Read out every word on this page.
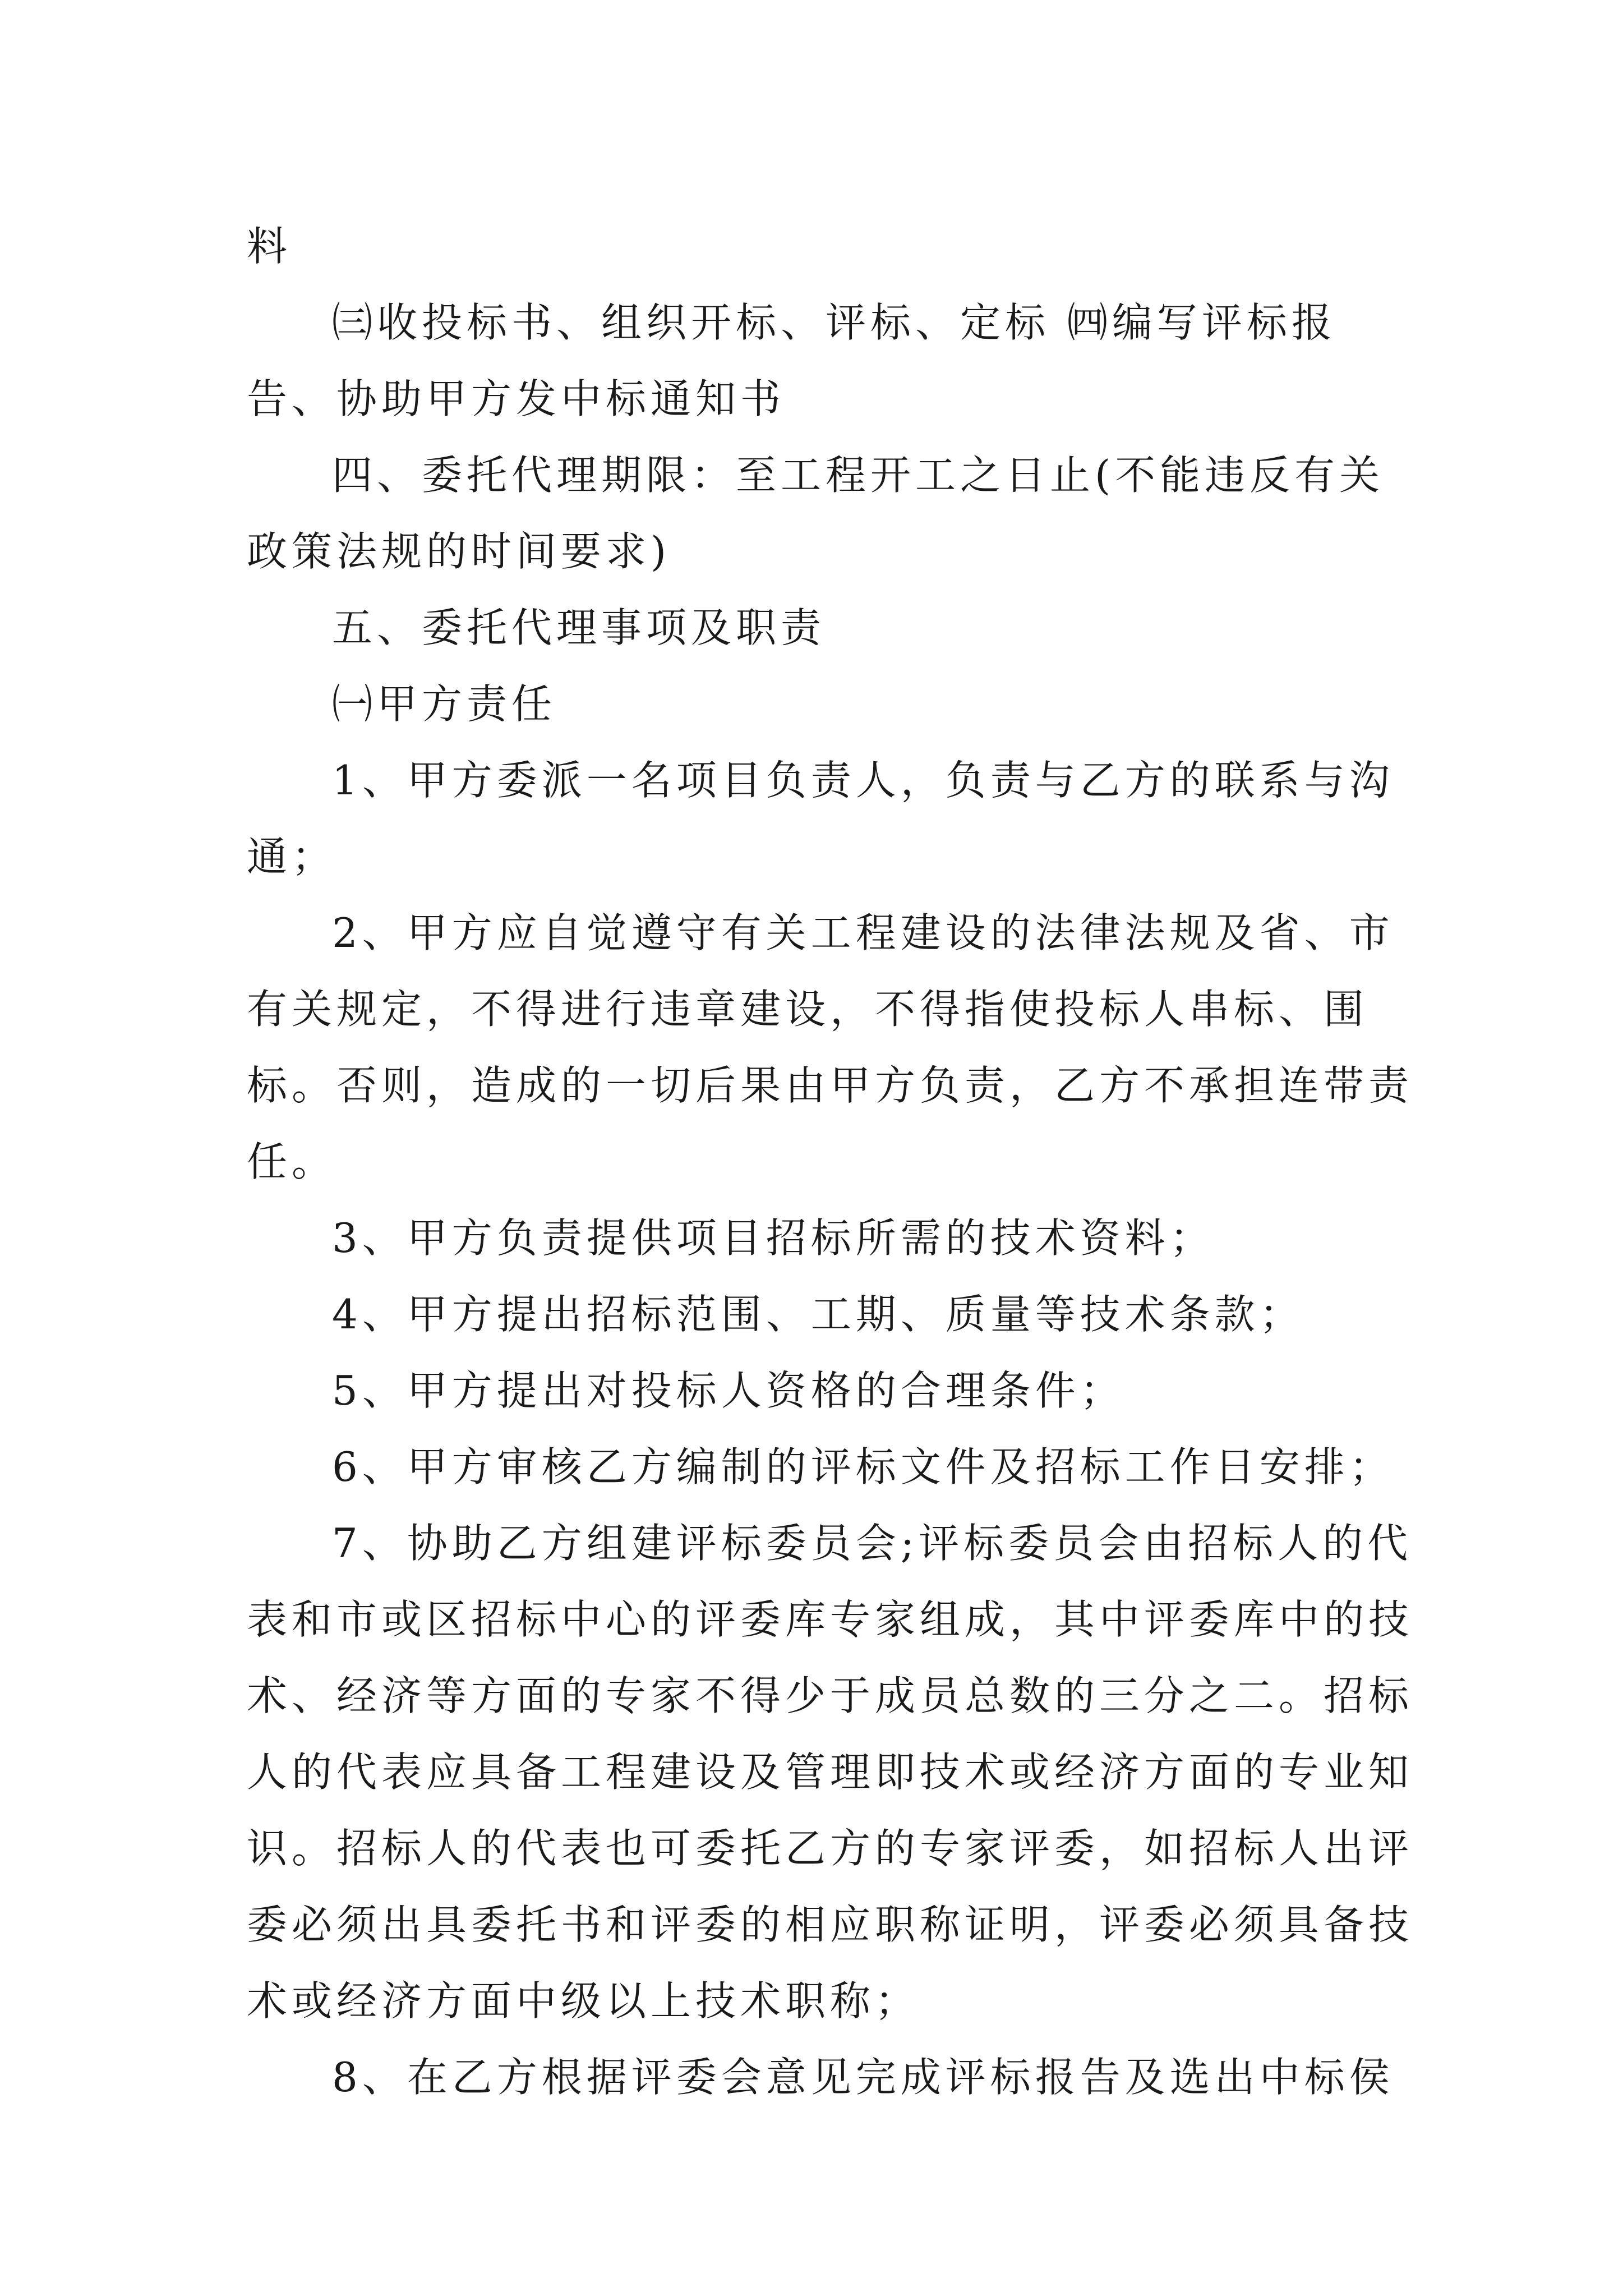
料

㈢收投标书、组织开标、评标、定标 ㈣编写评标报告、协助甲方发中标通知书

四、委托代理期限：至工程开工之日止(不能违反有关政策法规的时间要求)

五、委托代理事项及职责

㈠甲方责任

1、甲方委派一名项目负责人，负责与乙方的联系与沟通；

2、甲方应自觉遵守有关工程建设的法律法规及省、市有关规定，不得进行违章建设，不得指使投标人串标、围标。否则，造成的一切后果由甲方负责，乙方不承担连带责任。

3、甲方负责提供项目招标所需的技术资料；

4、甲方提出招标范围、工期、质量等技术条款；

5、甲方提出对投标人资格的合理条件；

6、甲方审核乙方编制的评标文件及招标工作日安排；

7、协助乙方组建评标委员会;评标委员会由招标人的代表和市或区招标中心的评委库专家组成，其中评委库中的技术、经济等方面的专家不得少于成员总数的三分之二。招标人的代表应具备工程建设及管理即技术或经济方面的专业知识。招标人的代表也可委托乙方的专家评委，如招标人出评委必须出具委托书和评委的相应职称证明，评委必须具备技术或经济方面中级以上技术职称；

8、在乙方根据评委会意见完成评标报告及选出中标侯
